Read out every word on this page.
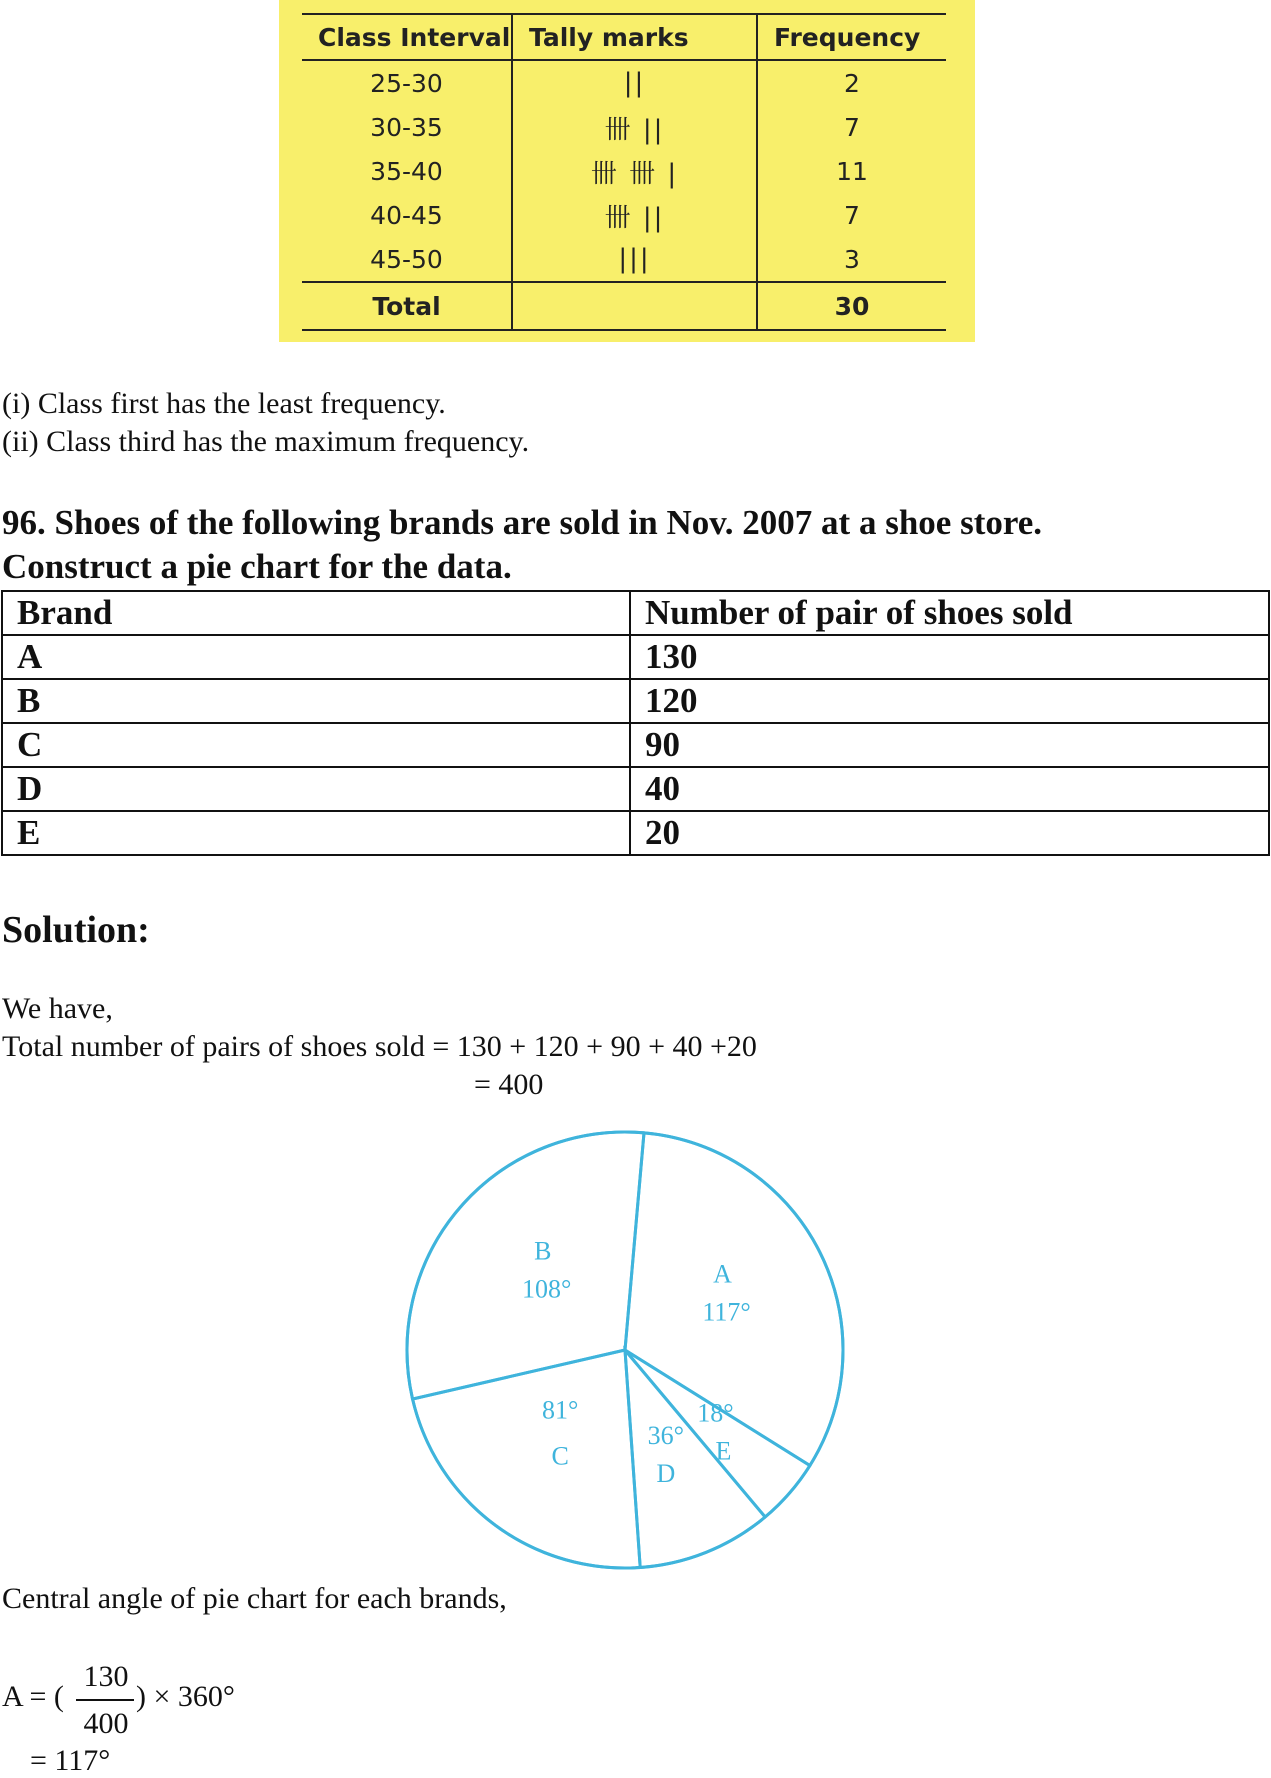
Class Interval	Tally marks	Frequency
25-30	||	2
30-35	卌 ||	7
35-40	卌 卌 |	11
40-45	卌 ||	7
45-50	|||	3
Total		30
(i) Class first has the least frequency.
(ii) Class third has the maximum frequency.
96. Shoes of the following brands are sold in Nov. 2007 at a shoe store.
Construct a pie chart for the data.
Brand	Number of pair of shoes sold
A	130
B	120
C	90
D	40
E	20
Solution:
We have,
Total number of pairs of shoes sold = 130 + 120 + 90 + 40 +20
= 400
A
117°
E
18°
D
36°
C
81°
B
108°
Central angle of pie chart for each brands,
A = (
130
400
) × 360°
= 117°
